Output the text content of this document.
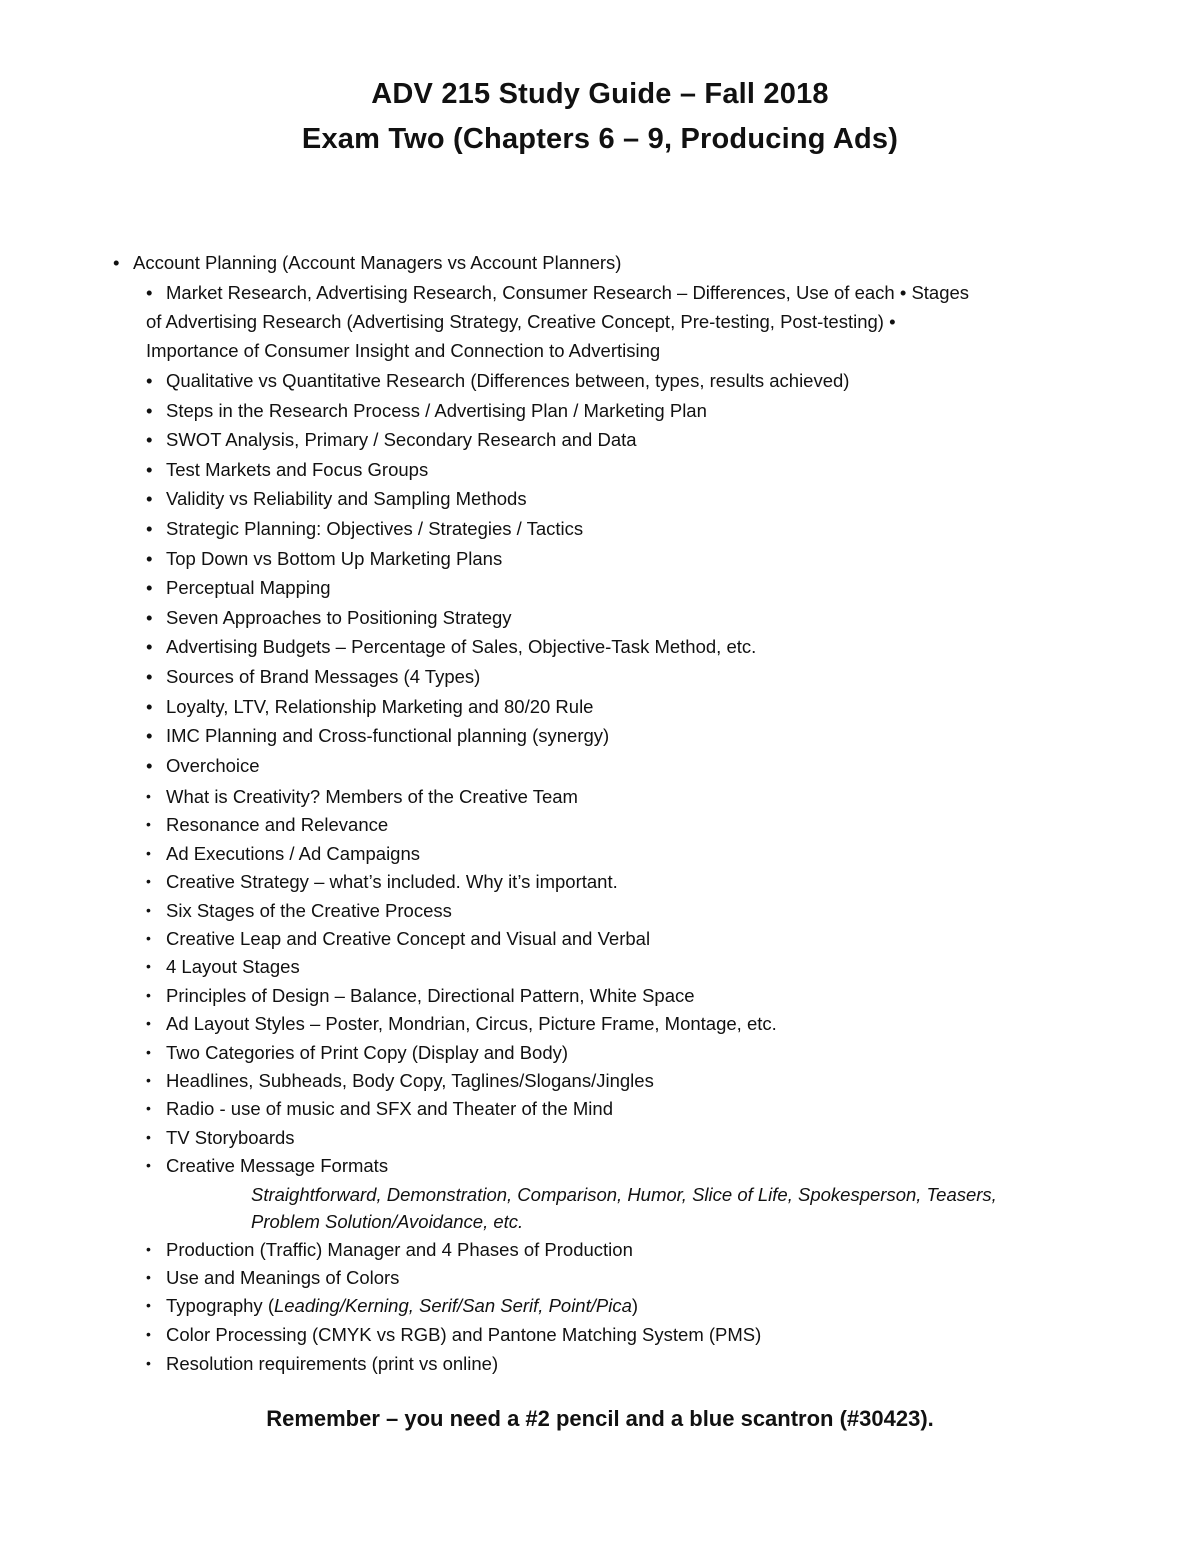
ADV 215 Study Guide – Fall 2018
Exam Two (Chapters 6 – 9, Producing Ads)
• Account Planning (Account Managers vs Account Planners)
• Market Research, Advertising Research, Consumer Research – Differences, Use of each • Stages
of Advertising Research (Advertising Strategy, Creative Concept, Pre-testing, Post-testing) •
Importance of Consumer Insight and Connection to Advertising
• Qualitative vs Quantitative Research (Differences between, types, results achieved)
• Steps in the Research Process / Advertising Plan / Marketing Plan
• SWOT Analysis, Primary / Secondary Research and Data
• Test Markets and Focus Groups
• Validity vs Reliability and Sampling Methods
• Strategic Planning: Objectives / Strategies / Tactics
• Top Down vs Bottom Up Marketing Plans
• Perceptual Mapping
• Seven Approaches to Positioning Strategy
• Advertising Budgets – Percentage of Sales, Objective-Task Method, etc.
• Sources of Brand Messages (4 Types)
• Loyalty, LTV, Relationship Marketing and 80/20 Rule
• IMC Planning and Cross-functional planning (synergy)
• Overchoice
• What is Creativity? Members of the Creative Team
• Resonance and Relevance
• Ad Executions / Ad Campaigns
• Creative Strategy – what’s included. Why it’s important.
• Six Stages of the Creative Process
• Creative Leap and Creative Concept and Visual and Verbal
• 4 Layout Stages
• Principles of Design – Balance, Directional Pattern, White Space
• Ad Layout Styles – Poster, Mondrian, Circus, Picture Frame, Montage, etc.
• Two Categories of Print Copy (Display and Body)
• Headlines, Subheads, Body Copy, Taglines/Slogans/Jingles
• Radio - use of music and SFX and Theater of the Mind
• TV Storyboards
• Creative Message Formats
Straightforward, Demonstration, Comparison, Humor, Slice of Life, Spokesperson, Teasers,
Problem Solution/Avoidance, etc.
• Production (Traffic) Manager and 4 Phases of Production
• Use and Meanings of Colors
• Typography (Leading/Kerning, Serif/San Serif, Point/Pica)
• Color Processing (CMYK vs RGB) and Pantone Matching System (PMS)
• Resolution requirements (print vs online)
Remember – you need a #2 pencil and a blue scantron (#30423).
